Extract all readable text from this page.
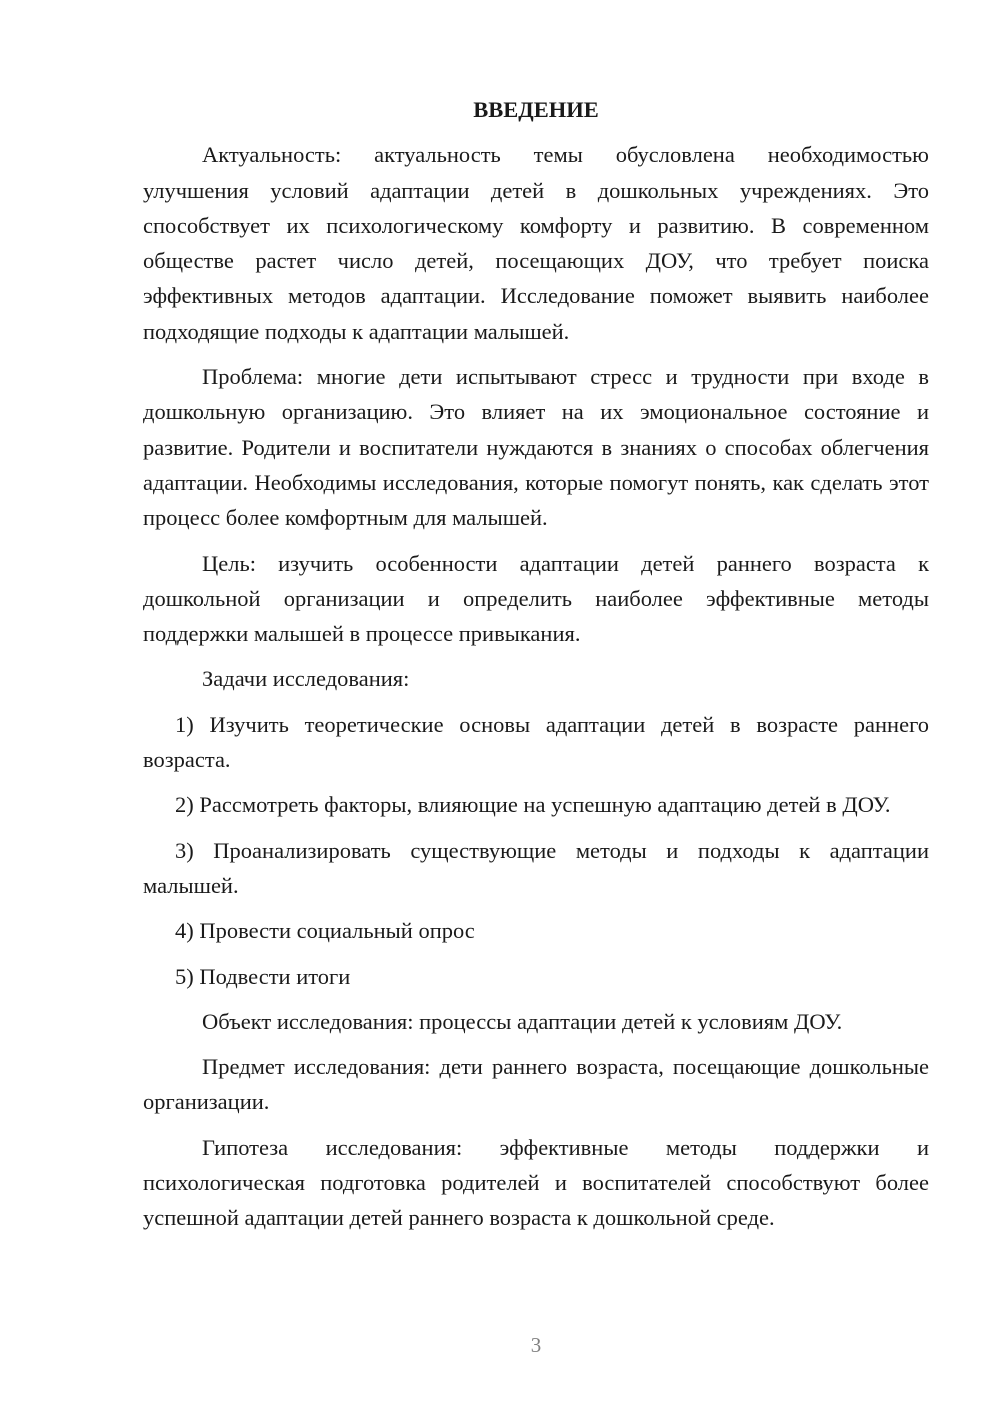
ВВЕДЕНИЕ

Актуальность: актуальность темы обусловлена необходимостью улучшения условий адаптации детей в дошкольных учреждениях. Это способствует их психологическому комфорту и развитию. В современном обществе растет число детей, посещающих ДОУ, что требует поиска эффективных методов адаптации. Исследование поможет выявить наиболее подходящие подходы к адаптации малышей.

Проблема: многие дети испытывают стресс и трудности при входе в дошкольную организацию. Это влияет на их эмоциональное состояние и развитие. Родители и воспитатели нуждаются в знаниях о способах облегчения адаптации. Необходимы исследования, которые помогут понять, как сделать этот процесс более комфортным для малышей.

Цель: изучить особенности адаптации детей раннего возраста к дошкольной организации и определить наиболее эффективные методы поддержки малышей в процессе привыкания.

Задачи исследования:

1) Изучить теоретические основы адаптации детей в возрасте раннего возраста.

2) Рассмотреть факторы, влияющие на успешную адаптацию детей в ДОУ.

3) Проанализировать существующие методы и подходы к адаптации малышей.

4) Провести социальный опрос

5) Подвести итоги

Объект исследования: процессы адаптации детей к условиям ДОУ.

Предмет исследования: дети раннего возраста, посещающие дошкольные организации.

Гипотеза исследования: эффективные методы поддержки и психологическая подготовка родителей и воспитателей способствуют более успешной адаптации детей раннего возраста к дошкольной среде.

3
